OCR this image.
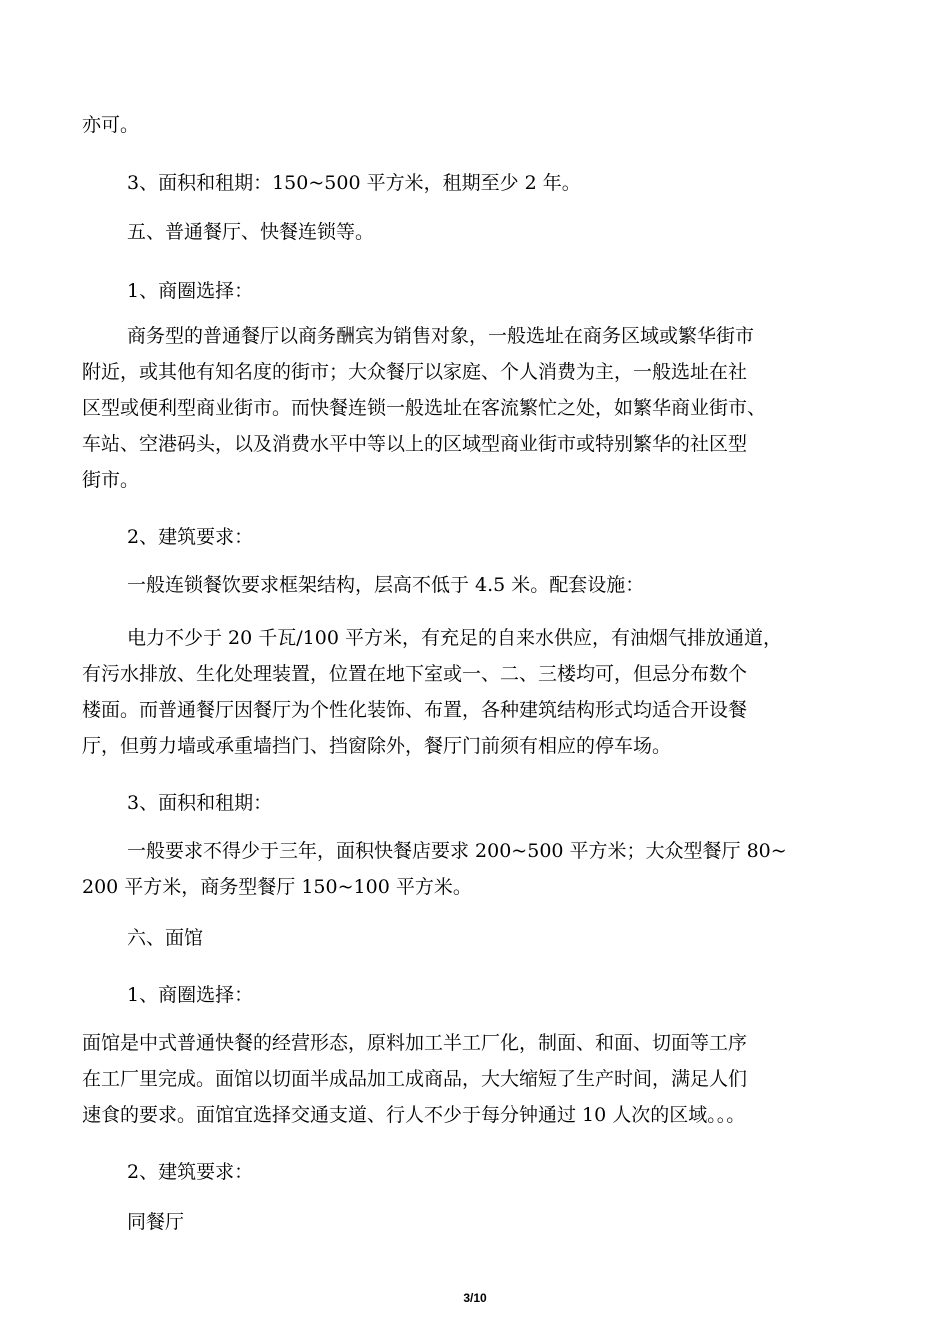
亦可。

3、面积和租期：150~500 平方米，租期至少 2 年。

五、普通餐厅、快餐连锁等。

1、商圈选择：

商务型的普通餐厅以商务酬宾为销售对象，一般选址在商务区域或繁华街市

附近，或其他有知名度的街市；大众餐厅以家庭、个人消费为主，一般选址在社

区型或便利型商业街市。而快餐连锁一般选址在客流繁忙之处，如繁华商业街市、

车站、空港码头，以及消费水平中等以上的区域型商业街市或特别繁华的社区型

街市。

2、建筑要求：

一般连锁餐饮要求框架结构，层高不低于 4.5 米。配套设施：

电力不少于 20 千瓦/100 平方米，有充足的自来水供应，有油烟气排放通道，

有污水排放、生化处理装置，位置在地下室或一、二、三楼均可，但忌分布数个

楼面。而普通餐厅因餐厅为个性化装饰、布置，各种建筑结构形式均适合开设餐

厅，但剪力墙或承重墙挡门、挡窗除外，餐厅门前须有相应的停车场。

3、面积和租期：

一般要求不得少于三年，面积快餐店要求 200~500 平方米；大众型餐厅 80~

200 平方米，商务型餐厅 150~100 平方米。

六、面馆

1、商圈选择：

面馆是中式普通快餐的经营形态，原料加工半工厂化，制面、和面、切面等工序

在工厂里完成。面馆以切面半成品加工成商品，大大缩短了生产时间，满足人们

速食的要求。面馆宜选择交通支道、行人不少于每分钟通过 10 人次的区域。。。

2、建筑要求：

同餐厅

3/10
